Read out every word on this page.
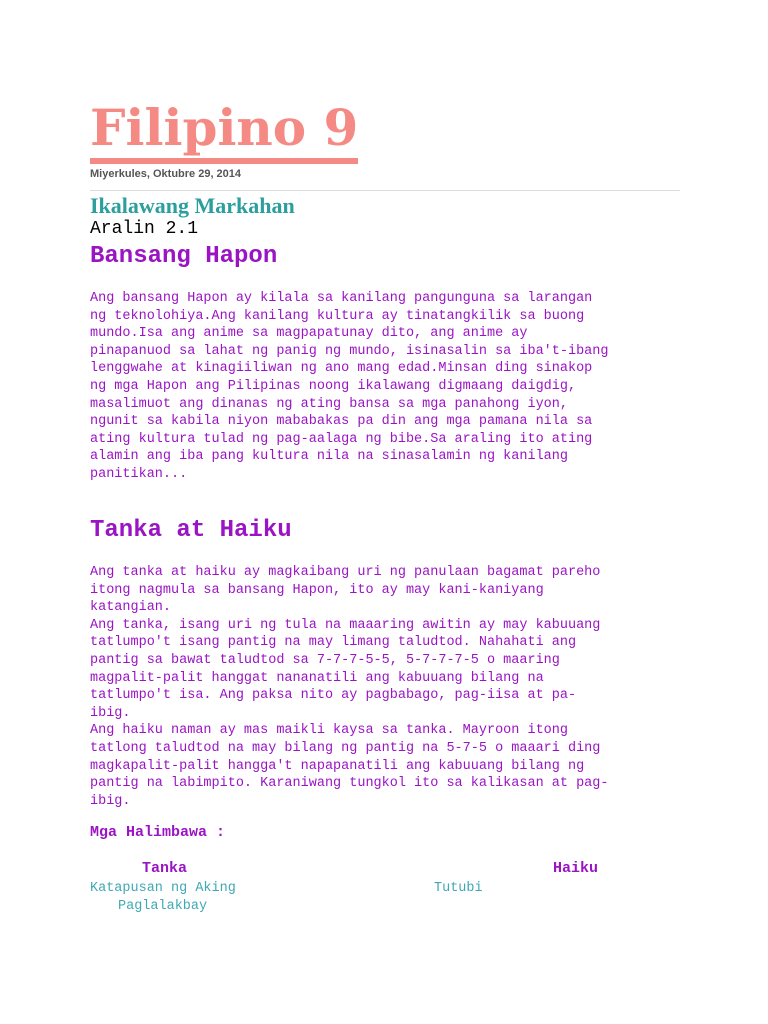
Filipino 9
Miyerkules, Oktubre 29, 2014
Ikalawang Markahan
Aralin 2.1
Bansang Hapon

Ang bansang Hapon ay kilala sa kanilang pangunguna sa larangan
ng teknolohiya.Ang kanilang kultura ay tinatangkilik sa buong
mundo.Isa ang anime sa magpapatunay dito, ang anime ay
pinapanuod sa lahat ng panig ng mundo, isinasalin sa iba't-ibang
lenggwahe at kinagiiliwan ng ano mang edad.Minsan ding sinakop
ng mga Hapon ang Pilipinas noong ikalawang digmaang daigdig,
masalimuot ang dinanas ng ating bansa sa mga panahong iyon,
ngunit sa kabila niyon mababakas pa din ang mga pamana nila sa
ating kultura tulad ng pag-aalaga ng bibe.Sa araling ito ating
alamin ang iba pang kultura nila na sinasalamin ng kanilang
panitikan...

Tanka at Haiku

Ang tanka at haiku ay magkaibang uri ng panulaan bagamat pareho
itong nagmula sa bansang Hapon, ito ay may kani-kaniyang
katangian.
Ang tanka, isang uri ng tula na maaaring awitin ay may kabuuang
tatlumpo't isang pantig na may limang taludtod. Nahahati ang
pantig sa bawat taludtod sa 7-7-7-5-5, 5-7-7-7-5 o maaring
magpalit-palit hanggat nananatili ang kabuuang bilang na
tatlumpo't isa. Ang paksa nito ay pagbabago, pag-iisa at pa-
ibig.
Ang haiku naman ay mas maikli kaysa sa tanka. Mayroon itong
tatlong taludtod na may bilang ng pantig na 5-7-5 o maaari ding
magkapalit-palit hangga't napapanatili ang kabuuang bilang ng
pantig na labimpito. Karaniwang tungkol ito sa kalikasan at pag-
ibig.

Mga Halimbawa :
Tanka	Haiku
Katapusan ng Aking
Paglalakbay
Tutubi
